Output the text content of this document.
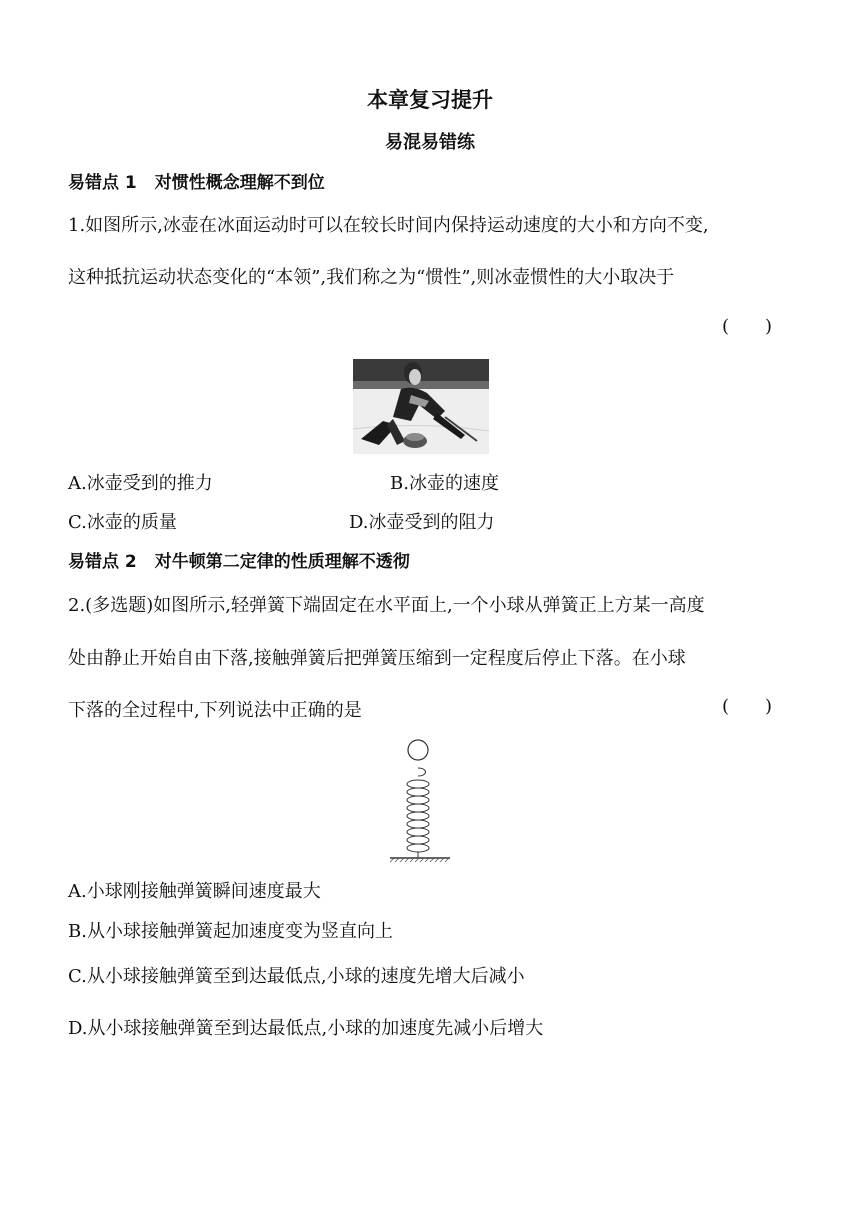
本章复习提升
易混易错练
易错点 1 对惯性概念理解不到位
1.如图所示,冰壶在冰面运动时可以在较长时间内保持运动速度的大小和方向不变,
这种抵抗运动状态变化的“本领”,我们称之为“惯性”,则冰壶惯性的大小取决于
(  )
A.冰壶受到的推力	B.冰壶的速度
C.冰壶的质量	D.冰壶受到的阻力
易错点 2 对牛顿第二定律的性质理解不透彻
2.(多选题)如图所示,轻弹簧下端固定在水平面上,一个小球从弹簧正上方某一高度
处由静止开始自由下落,接触弹簧后把弹簧压缩到一定程度后停止下落。在小球
下落的全过程中,下列说法中正确的是	(  )
A.小球刚接触弹簧瞬间速度最大
B.从小球接触弹簧起加速度变为竖直向上
C.从小球接触弹簧至到达最低点,小球的速度先增大后减小
D.从小球接触弹簧至到达最低点,小球的加速度先减小后增大
